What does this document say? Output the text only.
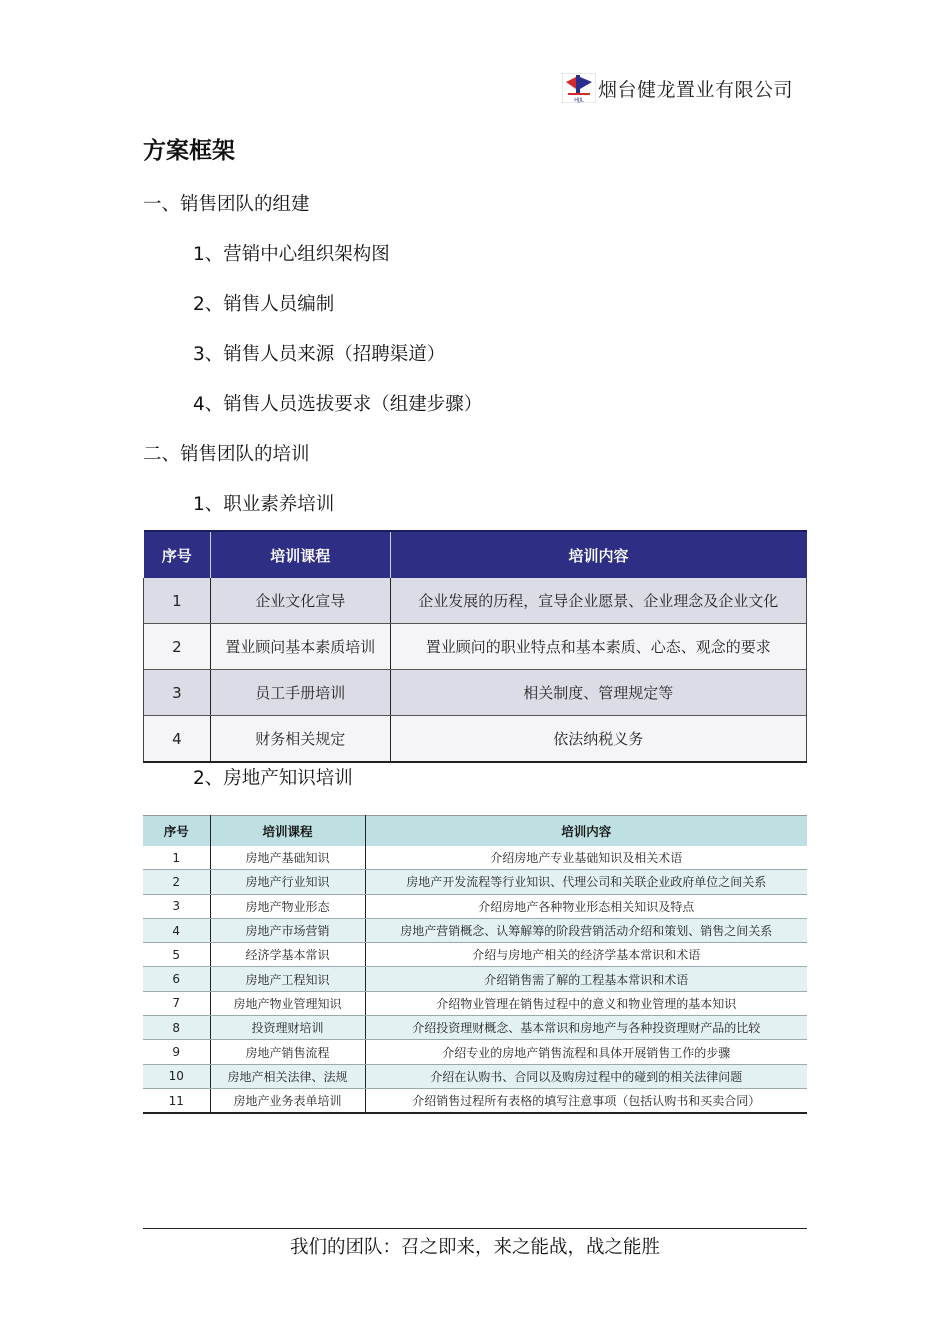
HJJL 烟台健龙置业有限公司
方案框架
一、销售团队的组建
1、营销中心组织架构图
2、销售人员编制
3、销售人员来源（招聘渠道）
4、销售人员选拔要求（组建步骤）
二、销售团队的培训
1、职业素养培训
序号	培训课程	培训内容
1	企业文化宣导	企业发展的历程，宣导企业愿景、企业理念及企业文化
2	置业顾问基本素质培训	置业顾问的职业特点和基本素质、心态、观念的要求
3	员工手册培训	相关制度、管理规定等
4	财务相关规定	依法纳税义务
2、房地产知识培训
序号	培训课程	培训内容
1	房地产基础知识	介绍房地产专业基础知识及相关术语
2	房地产行业知识	房地产开发流程等行业知识、代理公司和关联企业政府单位之间关系
3	房地产物业形态	介绍房地产各种物业形态相关知识及特点
4	房地产市场营销	房地产营销概念、认筹解筹的阶段营销活动介绍和策划、销售之间关系
5	经济学基本常识	介绍与房地产相关的经济学基本常识和术语
6	房地产工程知识	介绍销售需了解的工程基本常识和术语
7	房地产物业管理知识	介绍物业管理在销售过程中的意义和物业管理的基本知识
8	投资理财培训	介绍投资理财概念、基本常识和房地产与各种投资理财产品的比较
9	房地产销售流程	介绍专业的房地产销售流程和具体开展销售工作的步骤
10	房地产相关法律、法规	介绍在认购书、合同以及购房过程中的碰到的相关法律问题
11	房地产业务表单培训	介绍销售过程所有表格的填写注意事项（包括认购书和买卖合同）
我们的团队：召之即来，来之能战，战之能胜
